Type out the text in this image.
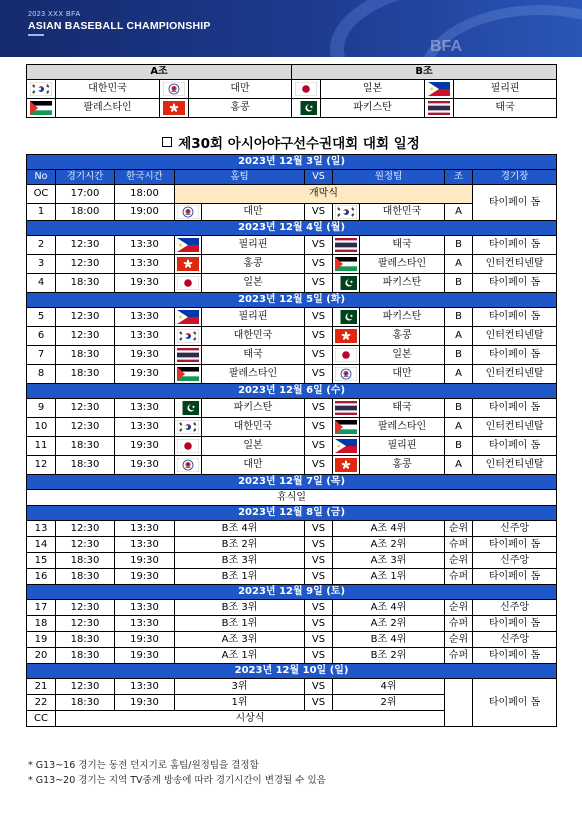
2023 XXX BFA
ASIAN BASEBALL CHAMPIONSHIP
BFA
A조				B조			
	대한민국		대만		일본		필리핀
	팔레스타인		홍콩		파키스탄		태국
제30회 아시아야구선수권대회 대회 일정
2023년 12월 3일 (일)									
No	경기시간	한국시간	홈팀		VS	원정팀		조	경기장
OC	17:00	18:00	개막식						타이페이 돔
1	18:00	19:00		대만	VS		대한민국	A	
2023년 12월 4일 (월)									
2	12:30	13:30		필리핀	VS		태국	B	타이페이 돔
3	12:30	13:30		홍콩	VS		팔레스타인	A	인터컨티넨탈
4	18:30	19:30		일본	VS		파키스탄	B	타이페이 돔
2023년 12월 5일 (화)									
5	12:30	13:30		필리핀	VS		파키스탄	B	타이페이 돔
6	12:30	13:30		대한민국	VS		홍콩	A	인터컨티넨탈
7	18:30	19:30		태국	VS		일본	B	타이페이 돔
8	18:30	19:30		팔레스타인	VS		대만	A	인터컨티넨탈
2023년 12월 6일 (수)									
9	12:30	13:30		파키스탄	VS		태국	B	타이페이 돔
10	12:30	13:30		대한민국	VS		팔레스타인	A	인터컨티넨탈
11	18:30	19:30		일본	VS		필리핀	B	타이페이 돔
12	18:30	19:30		대만	VS		홍콩	A	인터컨티넨탈
2023년 12월 7일 (목)									
휴식일									
2023년 12월 8일 (금)									
13	12:30	13:30	B조 4위		VS	A조 4위		순위	신주앙
14	12:30	13:30	B조 2위		VS	A조 2위		슈퍼	타이페이 돔
15	18:30	19:30	B조 3위		VS	A조 3위		순위	신주앙
16	18:30	19:30	B조 1위		VS	A조 1위		슈퍼	타이페이 돔
2023년 12월 9일 (토)									
17	12:30	13:30	B조 3위		VS	A조 4위		순위	신주앙
18	12:30	13:30	B조 1위		VS	A조 2위		슈퍼	타이페이 돔
19	18:30	19:30	A조 3위		VS	B조 4위		순위	신주앙
20	18:30	19:30	A조 1위		VS	B조 2위		슈퍼	타이페이 돔
2023년 12월 10일 (일)									
21	12:30	13:30	3위		VS	4위			타이페이 돔
22	18:30	19:30	1위		VS	2위			
CC	시상식								
* G13~16 경기는 동전 던지기로 홈팀/원정팀을 결정함
* G13~20 경기는 지역 TV중계 방송에 따라 경기시간이 변경될 수 있음
